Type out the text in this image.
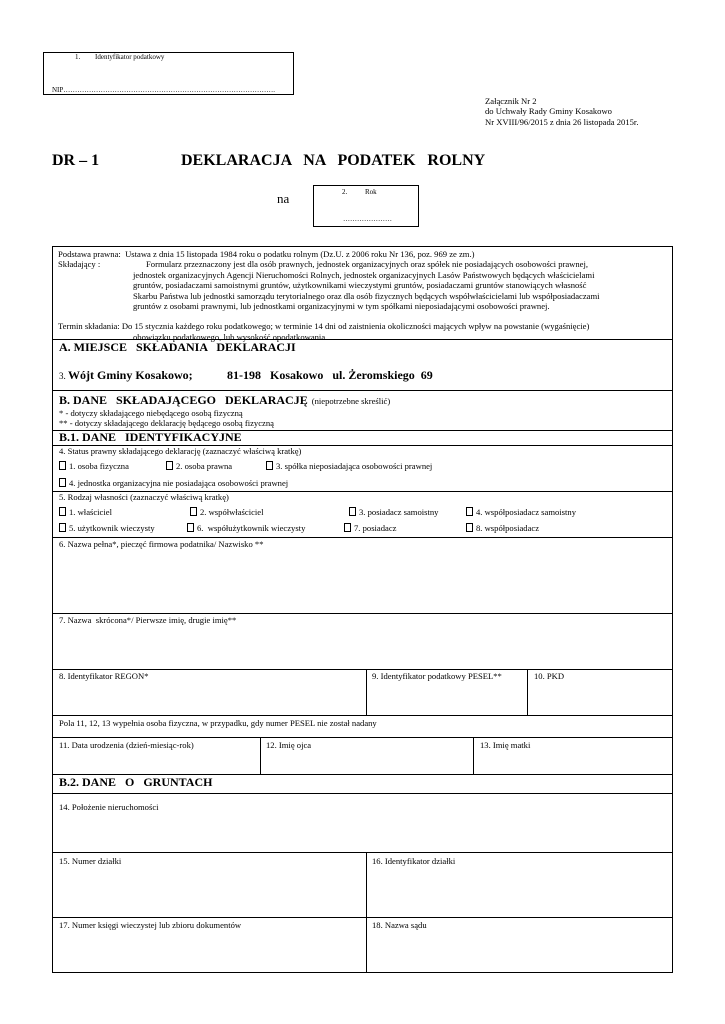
1. Identyfikator podatkowy
NIP……………………………………………………………………………….
Załącznik Nr 2
do Uchwały Rady Gminy Kosakowo
Nr XVIII/96/2015 z dnia 26 listopada 2015r.
DR – 1	DEKLARACJA   NA   PODATEK   ROLNY
na	2.	Rok
…………………
Podstawa prawna: Ustawa z dnia 15 listopada 1984 roku o podatku rolnym (Dz.U. z 2006 roku Nr 136, poz. 969 ze zm.)
Składający :	Formularz przeznaczony jest dla osób prawnych, jednostek organizacyjnych oraz spółek nie posiadających osobowości prawnej,
jednostek organizacyjnych Agencji Nieruchomości Rolnych, jednostek organizacyjnych Lasów Państwowych będących właścicielami
gruntów, posiadaczami samoistnymi gruntów, użytkownikami wieczystymi gruntów, posiadaczami gruntów stanowiących własność
Skarbu Państwa lub jednostki samorządu terytorialnego oraz dla osób fizycznych będących współwłaścicielami lub współposiadaczami
gruntów z osobami prawnymi, lub jednostkami organizacyjnymi w tym spółkami nieposiadającymi osobowości prawnej.
Termin składania: Do 15 stycznia każdego roku podatkowego; w terminie 14 dni od zaistnienia okoliczności mających wpływ na powstanie (wygaśnięcie)
obowiązku podatkowego, lub wysokość opodatkowania.
A. MIEJSCE   SKŁADANIA   DEKLARACJI
3. Wójt Gminy Kosakowo;	81-198   Kosakowo   ul. Żeromskiego  69
B. DANE   SKŁADAJĄCEGO   DEKLARACJĘ (niepotrzebne skreślić)
* - dotyczy składającego niebędącego osobą fizyczną
** - dotyczy składającego deklarację będącego osobą fizyczną
B.1. DANE   IDENTYFIKACYJNE
4. Status prawny składającego deklarację (zaznaczyć właściwą kratkę)
1. osoba fizyczna	2. osoba prawna	3. spółka nieposiadająca osobowości prawnej
4. jednostka organizacyjna nie posiadająca osobowości prawnej
5. Rodzaj własności (zaznaczyć właściwą kratkę)
1. właściciel	2. współwłaściciel	3. posiadacz samoistny	4. współposiadacz samoistny
5. użytkownik wieczysty	6.  współużytkownik wieczysty	7. posiadacz	8. współposiadacz
6. Nazwa pełna*, pieczęć firmowa podatnika/ Nazwisko **
7. Nazwa  skrócona*/ Pierwsze imię, drugie imię**
8. Identyfikator REGON*	9. Identyfikator podatkowy PESEL**	10. PKD
Pola 11, 12, 13 wypełnia osoba fizyczna, w przypadku, gdy numer PESEL nie został nadany
11. Data urodzenia (dzień-miesiąc-rok)	12. Imię ojca	13. Imię matki
B.2. DANE   O   GRUNTACH
14. Położenie nieruchomości
15. Numer działki	16. Identyfikator działki
17. Numer księgi wieczystej lub zbioru dokumentów	18. Nazwa sądu
